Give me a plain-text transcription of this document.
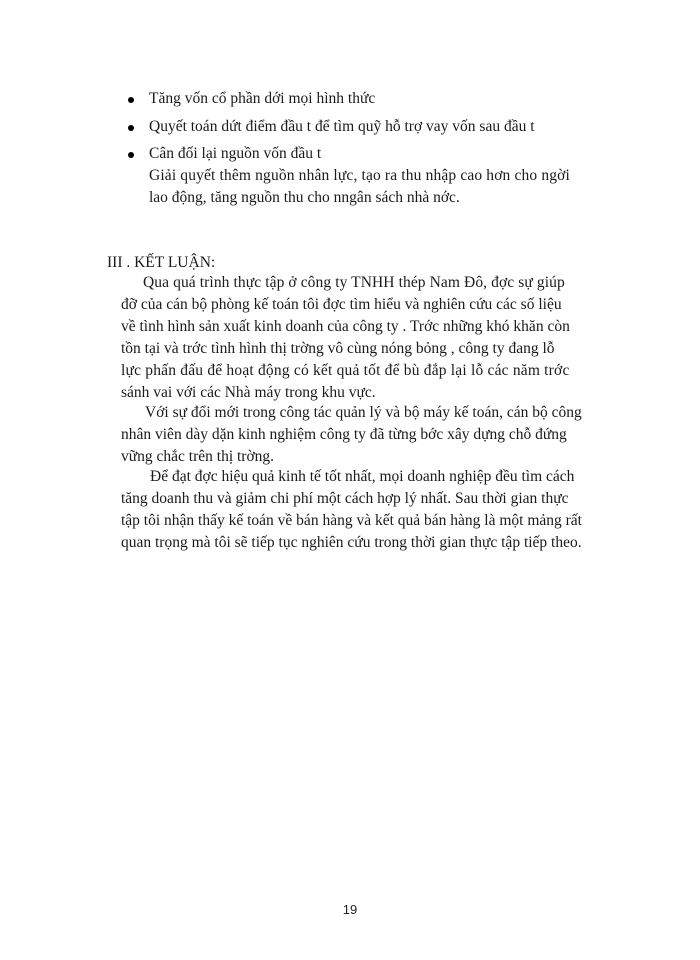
Tăng vốn cổ phần dới mọi hình thức
Quyết toán dứt điểm đầu t để tìm quỹ hỗ trợ vay vốn sau đầu t
Cân đối lại nguồn vốn đầu t
Giải quyết thêm nguồn nhân lực, tạo ra thu nhập cao hơn cho ngời
lao động, tăng nguồn thu cho nngân sách nhà nớc.
III . KẾT LUẬN:
Qua quá trình thực tập ở công ty TNHH thép Nam Đô, đợc sự giúp
đỡ của cán bộ phòng kế toán tôi đợc tìm hiểu và nghiên cứu các số liệu
về tình hình sản xuất kinh doanh của công ty . Trớc những khó khăn còn
tồn tại và trớc tình hình thị trờng vô cùng nóng bỏng , công ty đang lỗ
lực phấn đấu để hoạt động có kết quả tốt để bù đắp lại lỗ các năm trớc
sánh vai với các Nhà máy trong khu vực.
Với sự đổi mới trong công tác quản lý và bộ máy kế toán, cán bộ công
nhân viên dày dặn kinh nghiệm công ty đã từng bớc xây dựng chỗ đứng
vững chắc trên thị trờng.
Để đạt đợc hiệu quả kinh tế tốt nhất, mọi doanh nghiệp đều tìm cách
tăng doanh thu và giảm chi phí một cách hợp lý nhất. Sau thời gian thực
tập tôi nhận thấy kế toán về bán hàng và kết quả bán hàng là một mảng rất
quan trọng mà tôi sẽ tiếp tục nghiên cứu trong thời gian thực tập tiếp theo.
19
